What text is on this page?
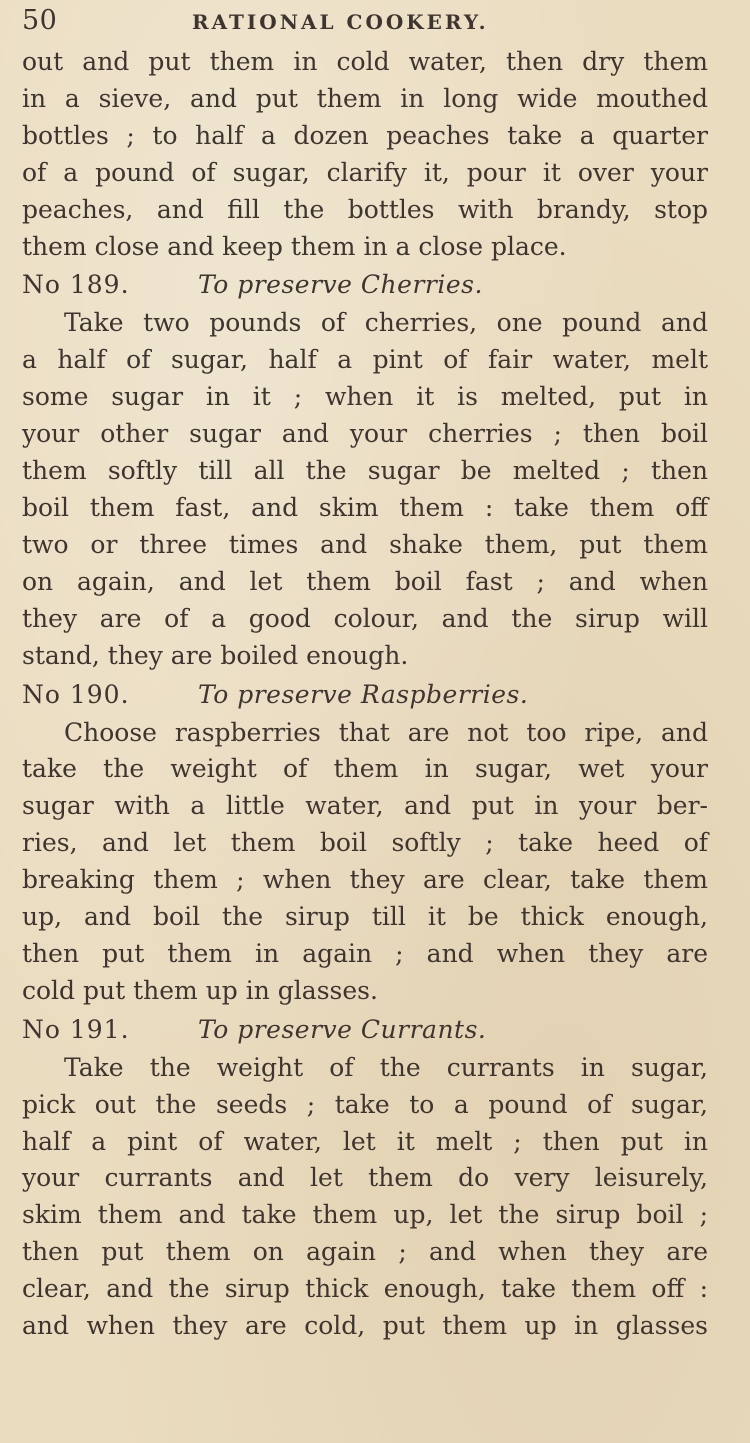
50	RATIONAL COOKERY.
out and put them in cold water, then dry them
in a sieve, and put them in long wide mouthed
bottles ; to half a dozen peaches take a quarter
of a pound of sugar, clarify it, pour it over your
peaches, and fill the bottles with brandy, stop
them close and keep them in a close place.
No 189.	To preserve Cherries.
Take two pounds of cherries, one pound and
a half of sugar, half a pint of fair water, melt
some sugar in it ; when it is melted, put in
your other sugar and your cherries ; then boil
them softly till all the sugar be melted ; then
boil them fast, and skim them : take them off
two or three times and shake them, put them
on again, and let them boil fast ; and when
they are of a good colour, and the sirup will
stand, they are boiled enough.
No 190.	To preserve Raspberries.
Choose raspberries that are not too ripe, and
take the weight of them in sugar, wet your
sugar with a little water, and put in your ber-
ries, and let them boil softly ; take heed of
breaking them ; when they are clear, take them
up, and boil the sirup till it be thick enough,
then put them in again ; and when they are
cold put them up in glasses.
No 191.	To preserve Currants.
Take the weight of the currants in sugar,
pick out the seeds ; take to a pound of sugar,
half a pint of water, let it melt ; then put in
your currants and let them do very leisurely,
skim them and take them up, let the sirup boil ;
then put them on again ; and when they are
clear, and the sirup thick enough, take them off :
and when they are cold, put them up in glasses
